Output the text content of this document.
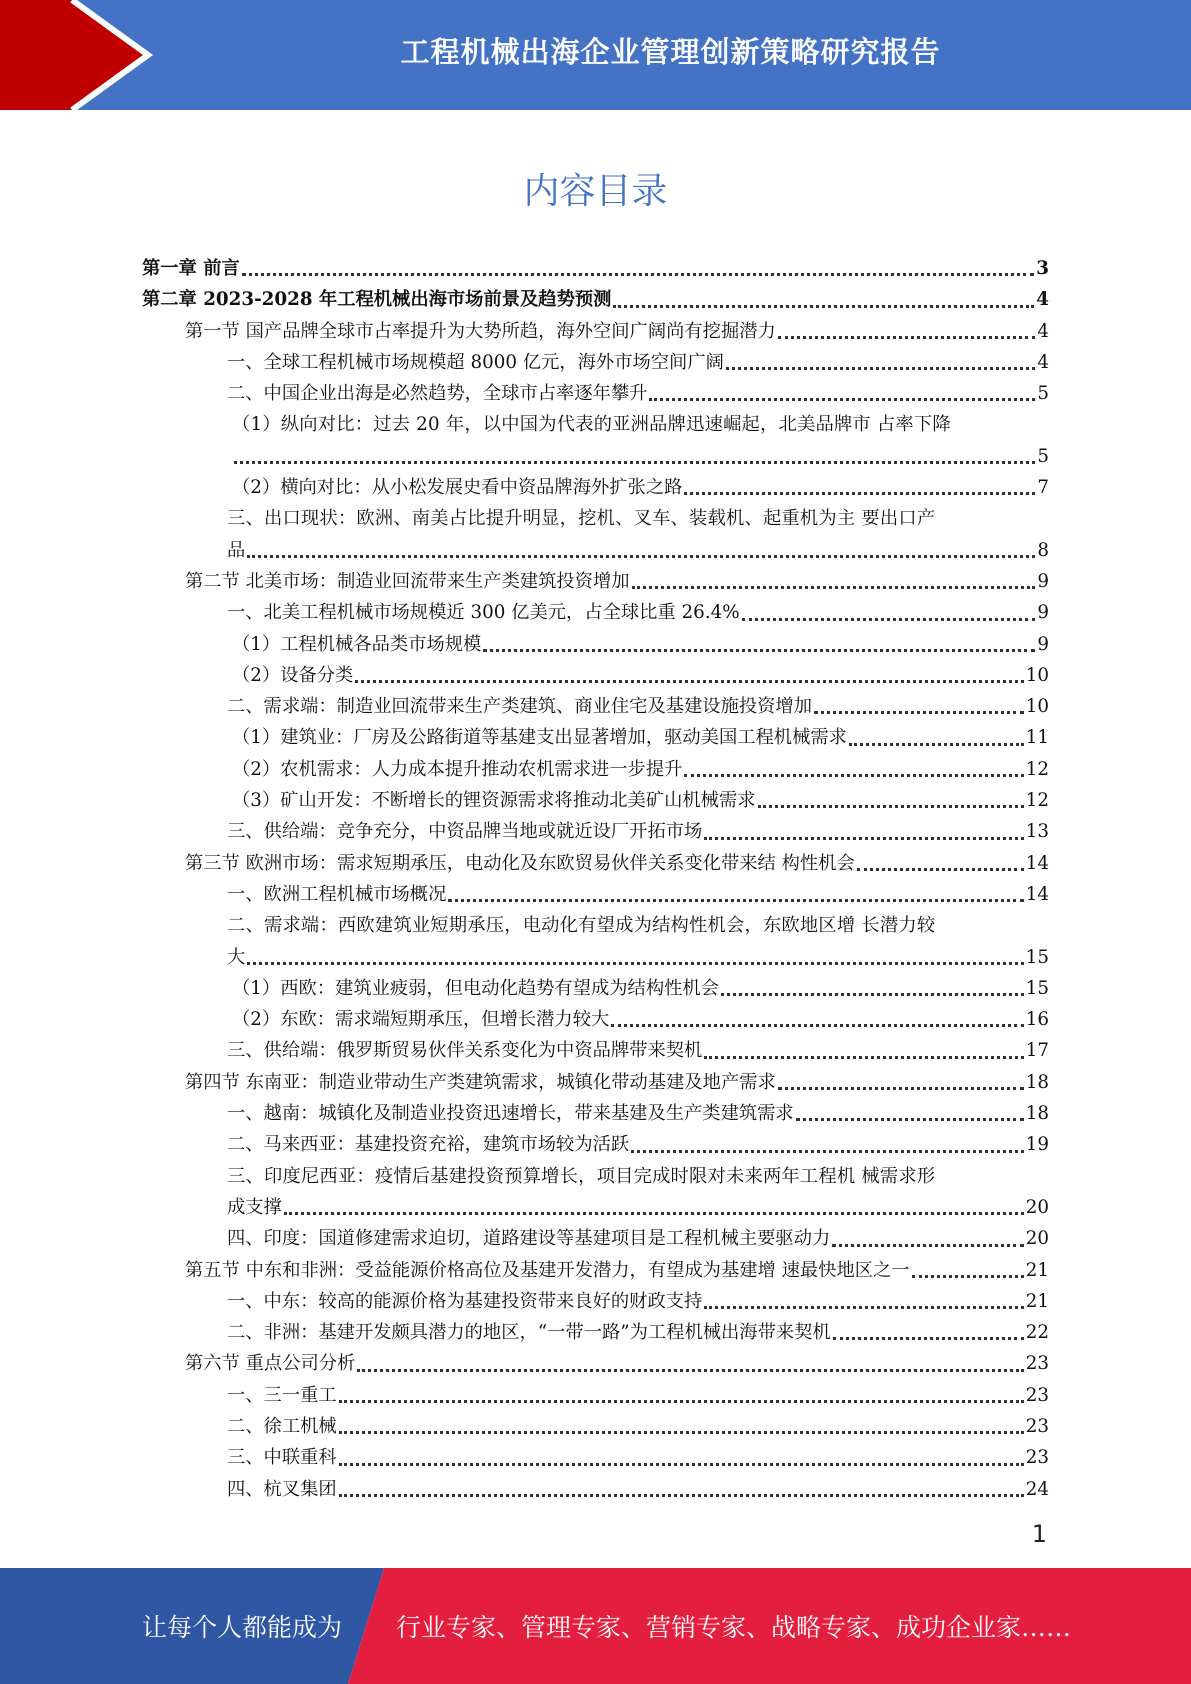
工程机械出海企业管理创新策略研究报告
内容目录
第一章 前言	3
第二章 2023-2028 年工程机械出海市场前景及趋势预测	4
第一节 国产品牌全球市占率提升为大势所趋，海外空间广阔尚有挖掘潜力	4
一、全球工程机械市场规模超 8000 亿元，海外市场空间广阔	4
二、中国企业出海是必然趋势，全球市占率逐年攀升	5
（1）纵向对比：过去 20 年，以中国为代表的亚洲品牌迅速崛起，北美品牌市 占率下降
5
（2）横向对比：从小松发展史看中资品牌海外扩张之路	7
三、出口现状：欧洲、南美占比提升明显，挖机、叉车、装载机、起重机为主 要出口产
品	8
第二节 北美市场：制造业回流带来生产类建筑投资增加	9
一、北美工程机械市场规模近 300 亿美元，占全球比重 26.4%	9
（1）工程机械各品类市场规模	9
（2）设备分类	10
二、需求端：制造业回流带来生产类建筑、商业住宅及基建设施投资增加	10
（1）建筑业：厂房及公路街道等基建支出显著增加，驱动美国工程机械需求	11
（2）农机需求：人力成本提升推动农机需求进一步提升	12
（3）矿山开发：不断增长的锂资源需求将推动北美矿山机械需求	12
三、供给端：竞争充分，中资品牌当地或就近设厂开拓市场	13
第三节 欧洲市场：需求短期承压，电动化及东欧贸易伙伴关系变化带来结 构性机会	14
一、欧洲工程机械市场概况	14
二、需求端：西欧建筑业短期承压，电动化有望成为结构性机会，东欧地区增 长潜力较
大	15
（1）西欧：建筑业疲弱，但电动化趋势有望成为结构性机会	15
（2）东欧：需求端短期承压，但增长潜力较大	16
三、供给端：俄罗斯贸易伙伴关系变化为中资品牌带来契机	17
第四节 东南亚：制造业带动生产类建筑需求，城镇化带动基建及地产需求	18
一、越南：城镇化及制造业投资迅速增长，带来基建及生产类建筑需求	18
二、马来西亚：基建投资充裕，建筑市场较为活跃	19
三、印度尼西亚：疫情后基建投资预算增长，项目完成时限对未来两年工程机 械需求形
成支撑	20
四、印度：国道修建需求迫切，道路建设等基建项目是工程机械主要驱动力	20
第五节 中东和非洲：受益能源价格高位及基建开发潜力，有望成为基建增 速最快地区之一	21
一、中东：较高的能源价格为基建投资带来良好的财政支持	21
二、非洲：基建开发颇具潜力的地区，“一带一路”为工程机械出海带来契机	22
第六节 重点公司分析	23
一、三一重工	23
二、徐工机械	23
三、中联重科	23
四、杭叉集团	24
1
让每个人都能成为 行业专家、管理专家、营销专家、战略专家、成功企业家……
